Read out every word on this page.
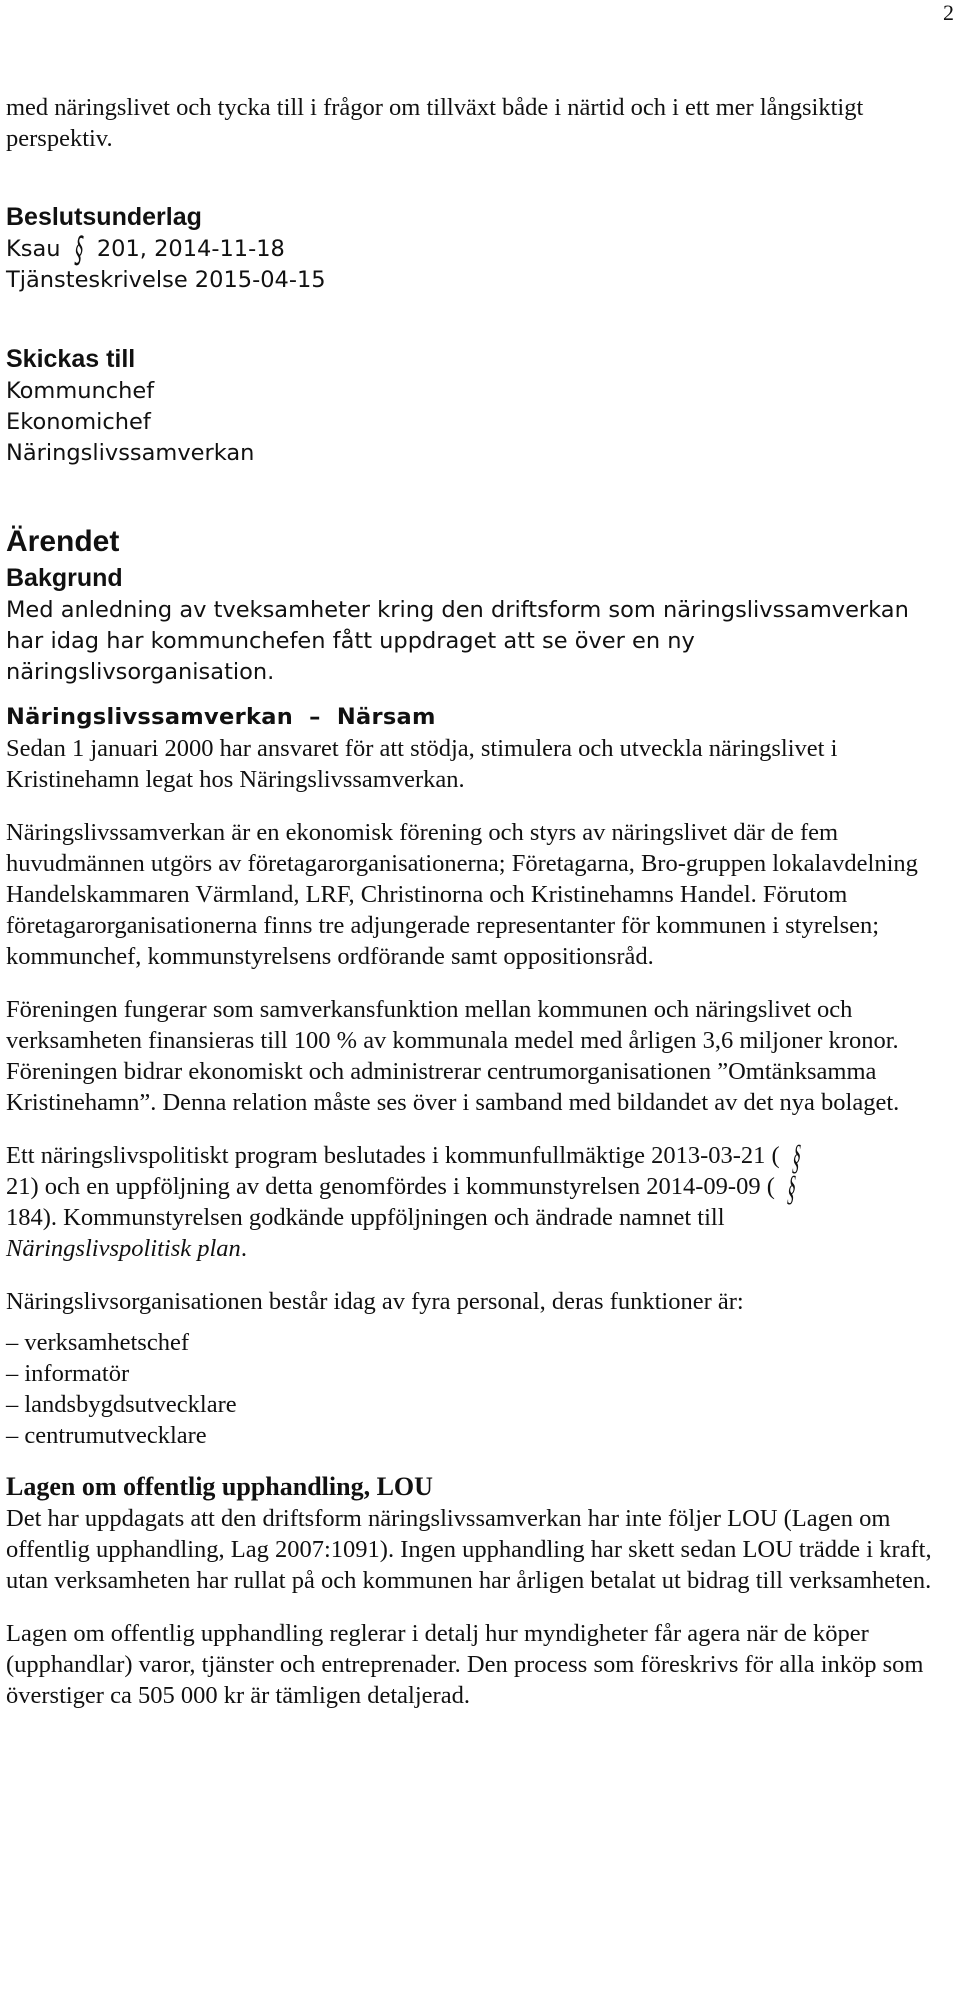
2

med näringslivet och tycka till i frågor om tillväxt både i närtid och i ett mer långsiktigt perspektiv.

Beslutsunderlag

Ksau § 201, 2014-11-18

Tjänsteskrivelse 2015-04-15

Skickas till

Kommunchef

Ekonomichef

Näringslivssamverkan

Ärendet

Bakgrund

Med anledning av tveksamheter kring den driftsform som näringslivssamverkan har idag har kommunchefen fått uppdraget att se över en ny näringslivsorganisation.

Näringslivssamverkan – Närsam

Sedan 1 januari 2000 har ansvaret för att stödja, stimulera och utveckla näringslivet i Kristinehamn legat hos Näringslivssamverkan.

Näringslivssamverkan är en ekonomisk förening och styrs av näringslivet där de fem huvudmännen utgörs av företagarorganisationerna; Företagarna, Bro-gruppen lokalavdelning Handelskammaren Värmland, LRF, Christinorna och Kristinehamns Handel. Förutom företagarorganisationerna finns tre adjungerade representanter för kommunen i styrelsen; kommunchef, kommunstyrelsens ordförande samt oppositionsråd.

Föreningen fungerar som samverkansfunktion mellan kommunen och näringslivet och verksamheten finansieras till 100 % av kommunala medel med årligen 3,6 miljoner kronor. Föreningen bidrar ekonomiskt och administrerar centrumorganisationen ”Omtänksamma Kristinehamn”. Denna relation måste ses över i samband med bildandet av det nya bolaget.

Ett näringslivspolitiskt program beslutades i kommunfullmäktige 2013-03-21 ( §
21) och en uppföljning av detta genomfördes i kommunstyrelsen 2014-09-09 ( §
184). Kommunstyrelsen godkände uppföljningen och ändrade namnet till
Näringslivspolitisk plan.

Näringslivsorganisationen består idag av fyra personal, deras funktioner är:

– verksamhetschef

– informatör

– landsbygdsutvecklare

– centrumutvecklare

Lagen om offentlig upphandling, LOU

Det har uppdagats att den driftsform näringslivssamverkan har inte följer LOU (Lagen om offentlig upphandling, Lag 2007:1091). Ingen upphandling har skett sedan LOU trädde i kraft, utan verksamheten har rullat på och kommunen har årligen betalat ut bidrag till verksamheten.

Lagen om offentlig upphandling reglerar i detalj hur myndigheter får agera när de köper (upphandlar) varor, tjänster och entreprenader. Den process som föreskrivs för alla inköp som överstiger ca 505 000 kr är tämligen detaljerad.
